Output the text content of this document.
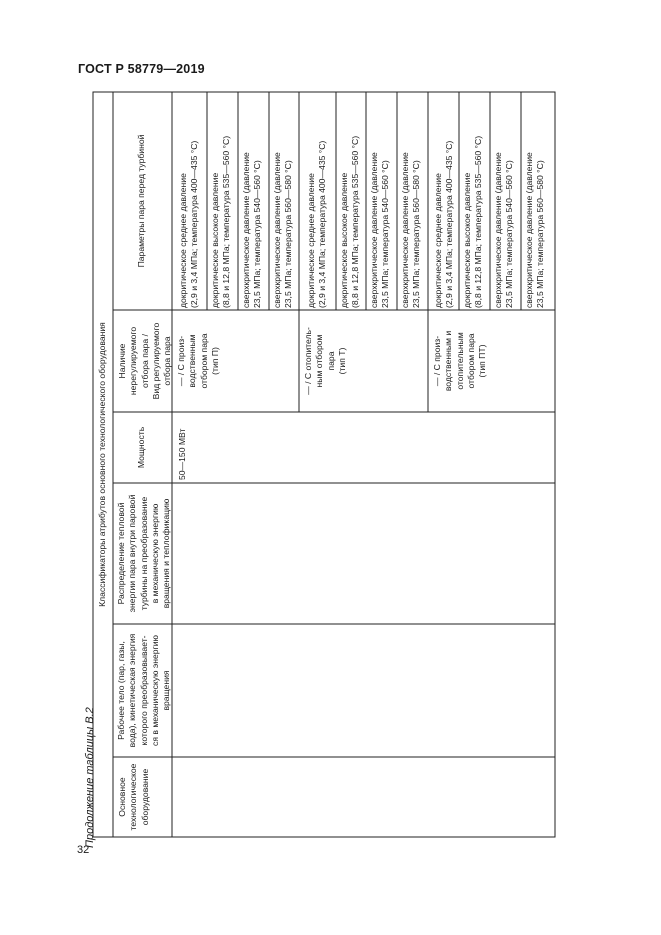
ГОСТ Р 58779—2019
Продолжение таблицы В.2
32
Классификаторы атрибутов основного технологического оборудования
Основное
технологическое
оборудование
Рабочее тело (пар, газы,
вода), кинетическая энергия
которого преобразовывает-
ся в механическую энергию
вращения
Распределение тепловой
энергии пара внутри паровой
турбины на преобразование
в механическую энергию
вращения и теплофикацию
Мощность
Наличие
нерегулируемого
отбора пара /
Вид регулируемого
отбора пара
Параметры пара перед турбиной
50—150 МВт
— / С произ-
водственным
отбором пара
(тип П)
— / С отопитель-
ным отбором
пара
(тип Т)
— / С произ-
водственным и
отопительным
отбором пара
(тип ПТ)
докритическое среднее давление
(2,9 и 3,4 МПа; температура 400—435 °С)
докритическое высокое давление
(8,8 и 12,8 МПа; температура 535—560 °С)
сверхкритическое давление (давление
23,5 МПа; температура 540—560 °С)
сверхкритическое давление (давление
23,5 МПа; температура 560—580 °С)
докритическое среднее давление
(2,9 и 3,4 МПа; температура 400—435 °С)
докритическое высокое давление
(8,8 и 12,8 МПа; температура 535—560 °С)
сверхкритическое давление (давление
23,5 МПа; температура 540—560 °С)
сверхкритическое давление (давление
23,5 МПа; температура 560—580 °С)
докритическое среднее давление
(2,9 и 3,4 МПа; температура 400—435 °С)
докритическое высокое давление
(8,8 и 12,8 МПа; температура 535—560 °С)
сверхкритическое давление (давление
23,5 МПа; температура 540—560 °С)
сверхкритическое давление (давление
23,5 МПа; температура 560—580 °С)
